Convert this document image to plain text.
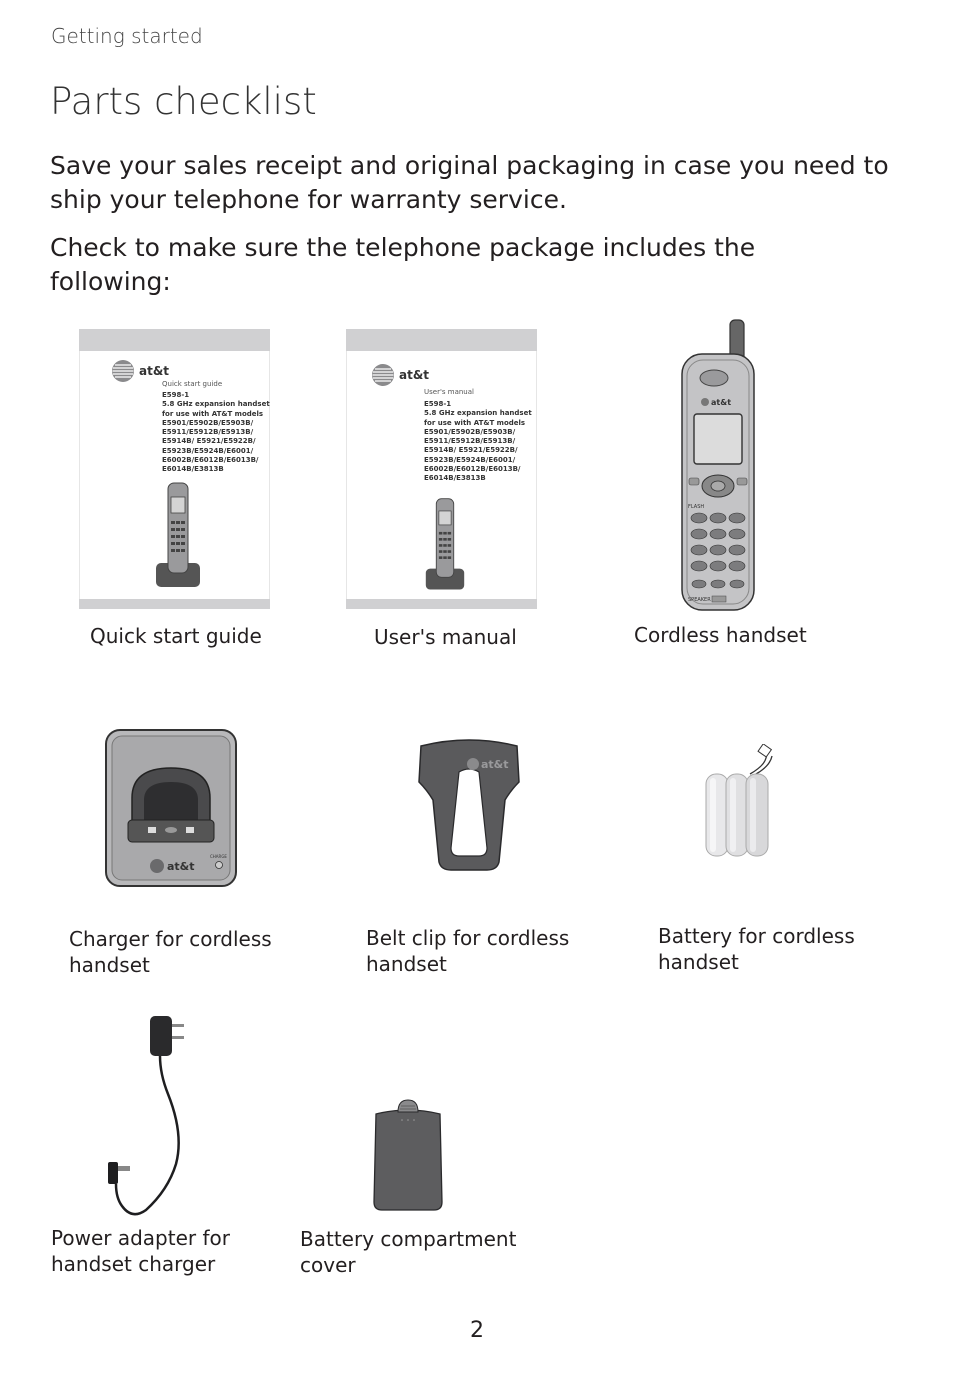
Getting started
Parts checklist
Save your sales receipt and original packaging in case you need to ship your telephone for warranty service.
Check to make sure the telephone package includes the following:
at&t
Quick start guide
E598-1
5.8 GHz expansion handset
for use with AT&T models
E5901/E5902B/E5903B/
E5911/E5912B/E5913B/
E5914B/ E5921/E5922B/
E5923B/E5924B/E6001/
E6002B/E6012B/E6013B/
E6014B/E3813B
Quick start guide
at&t
User's manual
E598-1
5.8 GHz expansion handset
for use with AT&T models
E5901/E5902B/E5903B/
E5911/E5912B/E5913B/
E5914B/ E5921/E5922B/
E5923B/E5924B/E6001/
E6002B/E6012B/E6013B/
E6014B/E3813B
User's manual
at&t
FLASH
SPEAKER
Cordless handset
at&t
CHARGE
Charger for cordless handset
at&t
Belt clip for cordless handset
Battery for cordless handset
Power adapter for handset charger
Battery compartment cover
2
